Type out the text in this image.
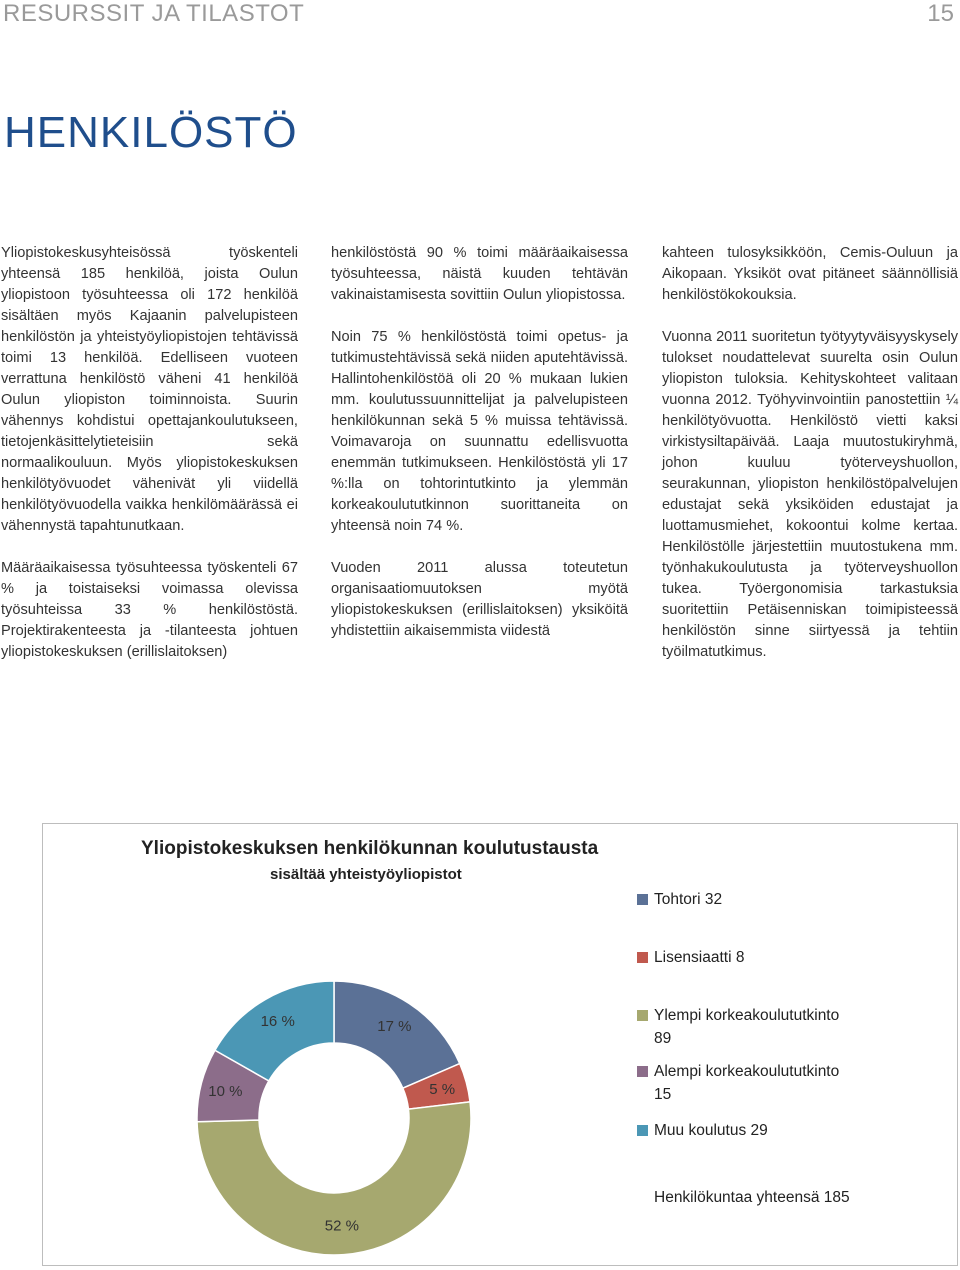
RESURSSIT JA TILASTOT	15
HENKILÖSTÖ

Yliopistokeskusyhteisössä työskenteli yhteensä 185 henkilöä, joista Oulun yliopistoon työsuhteessa oli 172 henkilöä sisältäen myös Kajaanin palvelupisteen henkilöstön ja yhteistyöyliopistojen tehtävissä toimi 13 henkilöä. Edelliseen vuoteen verrattuna henkilöstö väheni 41 henkilöä Oulun yliopiston toiminnoista. Suurin vähennys kohdistui opettajankoulutukseen, tietojenkäsittelytieteisiin sekä normaalikouluun. Myös yliopistokeskuksen henkilötyövuodet vähenivät yli viidellä henkilötyövuodella vaikka henkilömäärässä ei vähennystä tapahtunutkaan.

Määräaikaisessa työsuhteessa työskenteli 67 % ja toistaiseksi voimassa olevissa työsuhteissa 33 % henkilöstöstä. Projektirakenteesta ja -tilanteesta johtuen yliopistokeskuksen (erillislaitoksen)

henkilöstöstä 90 % toimi määräaikaisessa työsuhteessa, näistä kuuden tehtävän vakinaistamisesta sovittiin Oulun yliopistossa.

Noin 75 % henkilöstöstä toimi opetus- ja tutkimustehtävissä sekä niiden aputehtävissä. Hallintohenkilöstöä oli 20 % mukaan lukien mm. koulutussuunnittelijat ja palvelupisteen henkilökunnan sekä 5 % muissa tehtävissä. Voimavaroja on suunnattu edellisvuotta enemmän tutkimukseen. Henkilöstöstä yli 17 %:lla on tohtorintutkinto ja ylemmän korkeakoulututkinnon suorittaneita on yhteensä noin 74 %.

Vuoden 2011 alussa toteutetun organisaatiomuutoksen myötä yliopistokeskuksen (erillislaitoksen) yksiköitä yhdistettiin aikaisemmista viidestä

kahteen tulosyksikköön, Cemis-Ouluun ja Aikopaan. Yksiköt ovat pitäneet säännöllisiä henkilöstökokouksia.

Vuonna 2011 suoritetun työtyytyväisyyskysely tulokset noudattelevat suurelta osin Oulun yliopiston tuloksia. Kehityskohteet valitaan vuonna 2012. Työhyvinvointiin panostettiin ¼ henkilötyövuotta. Henkilöstö vietti kaksi virkistysiltapäivää. Laaja muutostukiryhmä, johon kuuluu työterveyshuollon, seurakunnan, yliopiston henkilöstöpalvelujen edustajat sekä yksiköiden edustajat ja luottamusmiehet, kokoontui kolme kertaa. Henkilöstölle järjestettiin muutostukena mm. työnhakukoulutusta ja työterveyshuollon tukea. Työergonomisia tarkastuksia suoritettiin Petäisenniskan toimipisteessä henkilöstön sinne siirtyessä ja tehtiin työilmatutkimus.

Yliopistokeskuksen henkilökunnan koulutustausta
sisältää yhteistyöyliopistot
17 %
5 %
52 %
10 %
16 %
Tohtori 32
Lisensiaatti 8
Ylempi korkeakoulututkinto 89
Alempi korkeakoulututkinto 15
Muu koulutus 29
Henkilökuntaa yhteensä 185
